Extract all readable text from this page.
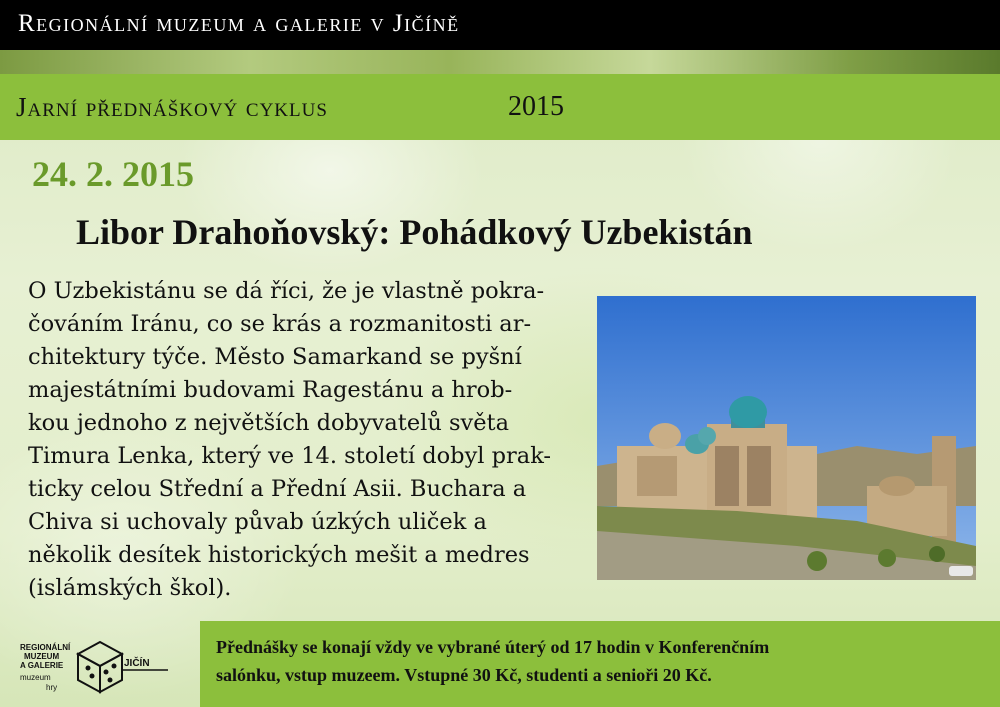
Regionální muzeum a galerie v Jičíně
Jarní přednáškový cyklus	2015
24. 2. 2015
Libor Drahoňovský: Pohádkový Uzbekistán
O Uzbekistánu se dá říci, že je vlastně pokra-
čováním Iránu, co se krás a rozmanitosti ar-
chitektury týče. Město Samarkand se pyšní
majestátními budovami Ragestánu a hrob-
kou jednoho z největších dobyvatelů světa
Timura Lenka, který ve 14. století dobyl prak-
ticky celou Střední a Přední Asii. Buchara a
Chiva si uchovaly půvab úzkých uliček a
několik desítek historických mešit a medres
(islámských škol).
REGIONÁLNÍ
MUZEUM
A GALERIE
muzeum
hry
JIČÍN
Přednášky se konají vždy ve vybrané úterý od 17 hodin v Konferenčním
salónku, vstup muzeem. Vstupné 30 Kč, studenti a senioři 20 Kč.
